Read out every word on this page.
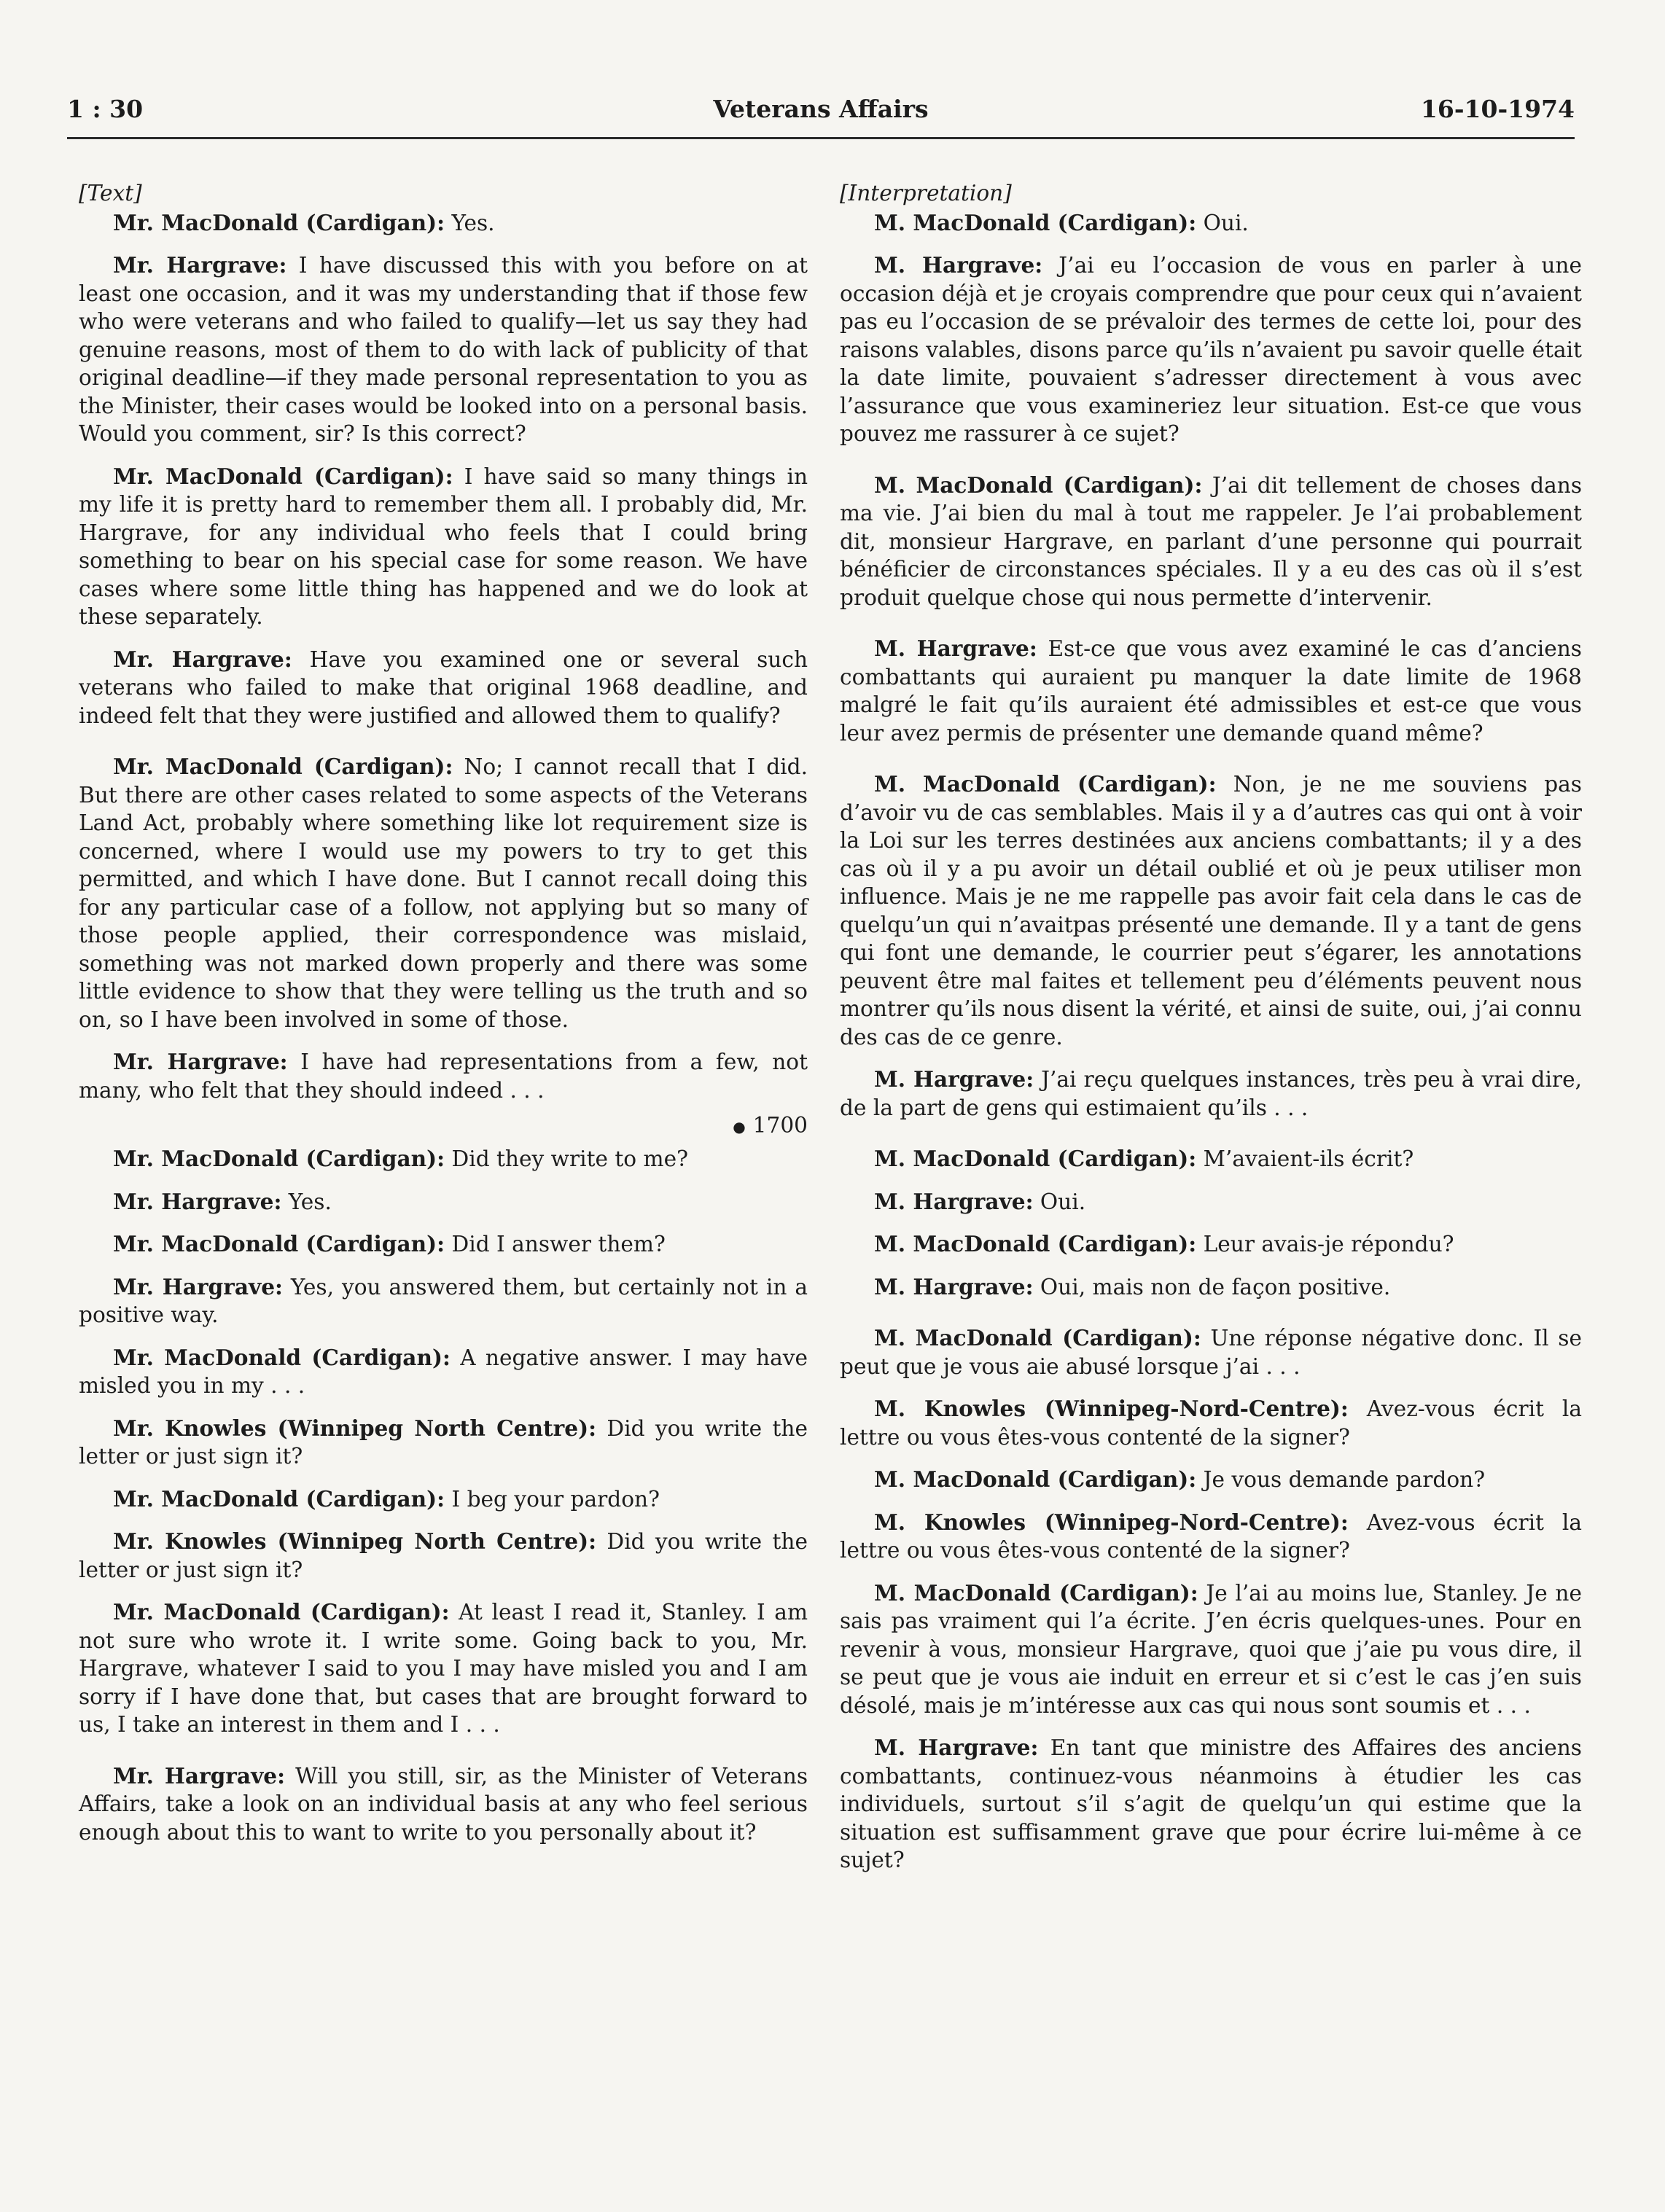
1 : 30	Veterans Affairs	16-10-1974
[Text]

Mr. MacDonald (Cardigan): Yes.

Mr. Hargrave: I have discussed this with you before on at least one occasion, and it was my understanding that if those few who were veterans and who failed to qualify—let us say they had genuine reasons, most of them to do with lack of publicity of that original deadline—if they made personal representation to you as the Minister, their cases would be looked into on a personal basis. Would you comment, sir? Is this correct?

Mr. MacDonald (Cardigan): I have said so many things in my life it is pretty hard to remember them all. I probably did, Mr. Hargrave, for any individual who feels that I could bring something to bear on his special case for some reason. We have cases where some little thing has happened and we do look at these separately.

Mr. Hargrave: Have you examined one or several such veterans who failed to make that original 1968 deadline, and indeed felt that they were justified and allowed them to qualify?

Mr. MacDonald (Cardigan): No; I cannot recall that I did. But there are other cases related to some aspects of the Veterans Land Act, probably where something like lot requirement size is concerned, where I would use my powers to try to get this permitted, and which I have done. But I cannot recall doing this for any particular case of a follow, not applying but so many of those people applied, their correspondence was mislaid, something was not marked down properly and there was some little evidence to show that they were telling us the truth and so on, so I have been involved in some of those.

Mr. Hargrave: I have had representations from a few, not many, who felt that they should indeed . . .

● 1700

Mr. MacDonald (Cardigan): Did they write to me?

Mr. Hargrave: Yes.

Mr. MacDonald (Cardigan): Did I answer them?

Mr. Hargrave: Yes, you answered them, but certainly not in a positive way.

Mr. MacDonald (Cardigan): A negative answer. I may have misled you in my . . .

Mr. Knowles (Winnipeg North Centre): Did you write the letter or just sign it?

Mr. MacDonald (Cardigan): I beg your pardon?

Mr. Knowles (Winnipeg North Centre): Did you write the letter or just sign it?

Mr. MacDonald (Cardigan): At least I read it, Stanley. I am not sure who wrote it. I write some. Going back to you, Mr. Hargrave, whatever I said to you I may have misled you and I am sorry if I have done that, but cases that are brought forward to us, I take an interest in them and I . . .

Mr. Hargrave: Will you still, sir, as the Minister of Veterans Affairs, take a look on an individual basis at any who feel serious enough about this to want to write to you personally about it?

[Interpretation]

M. MacDonald (Cardigan): Oui.

M. Hargrave: J’ai eu l’occasion de vous en parler à une occasion déjà et je croyais comprendre que pour ceux qui n’avaient pas eu l’occasion de se prévaloir des termes de cette loi, pour des raisons valables, disons parce qu’ils n’avaient pu savoir quelle était la date limite, pouvaient s’adresser directement à vous avec l’assurance que vous examineriez leur situation. Est-ce que vous pouvez me rassurer à ce sujet?

M. MacDonald (Cardigan): J’ai dit tellement de choses dans ma vie. J’ai bien du mal à tout me rappeler. Je l’ai probablement dit, monsieur Hargrave, en parlant d’une personne qui pourrait bénéficier de circonstances spéciales. Il y a eu des cas où il s’est produit quelque chose qui nous permette d’intervenir.

M. Hargrave: Est-ce que vous avez examiné le cas d’anciens combattants qui auraient pu manquer la date limite de 1968 malgré le fait qu’ils auraient été admissibles et est-ce que vous leur avez permis de présenter une demande quand même?

M. MacDonald (Cardigan): Non, je ne me souviens pas d’avoir vu de cas semblables. Mais il y a d’autres cas qui ont à voir la Loi sur les terres destinées aux anciens combattants; il y a des cas où il y a pu avoir un détail oublié et où je peux utiliser mon influence. Mais je ne me rappelle pas avoir fait cela dans le cas de quelqu’un qui n’avaitpas présenté une demande. Il y a tant de gens qui font une demande, le courrier peut s’égarer, les annotations peuvent être mal faites et tellement peu d’éléments peuvent nous montrer qu’ils nous disent la vérité, et ainsi de suite, oui, j’ai connu des cas de ce genre.

M. Hargrave: J’ai reçu quelques instances, très peu à vrai dire, de la part de gens qui estimaient qu’ils . . .

M. MacDonald (Cardigan): M’avaient-ils écrit?

M. Hargrave: Oui.

M. MacDonald (Cardigan): Leur avais-je répondu?

M. Hargrave: Oui, mais non de façon positive.

M. MacDonald (Cardigan): Une réponse négative donc. Il se peut que je vous aie abusé lorsque j’ai . . .

M. Knowles (Winnipeg-Nord-Centre): Avez-vous écrit la lettre ou vous êtes-vous contenté de la signer?

M. MacDonald (Cardigan): Je vous demande pardon?

M. Knowles (Winnipeg-Nord-Centre): Avez-vous écrit la lettre ou vous êtes-vous contenté de la signer?

M. MacDonald (Cardigan): Je l’ai au moins lue, Stanley. Je ne sais pas vraiment qui l’a écrite. J’en écris quelques-unes. Pour en revenir à vous, monsieur Hargrave, quoi que j’aie pu vous dire, il se peut que je vous aie induit en erreur et si c’est le cas j’en suis désolé, mais je m’intéresse aux cas qui nous sont soumis et . . .

M. Hargrave: En tant que ministre des Affaires des anciens combattants, continuez-vous néanmoins à étudier les cas individuels, surtout s’il s’agit de quelqu’un qui estime que la situation est suffisamment grave que pour écrire lui-même à ce sujet?
